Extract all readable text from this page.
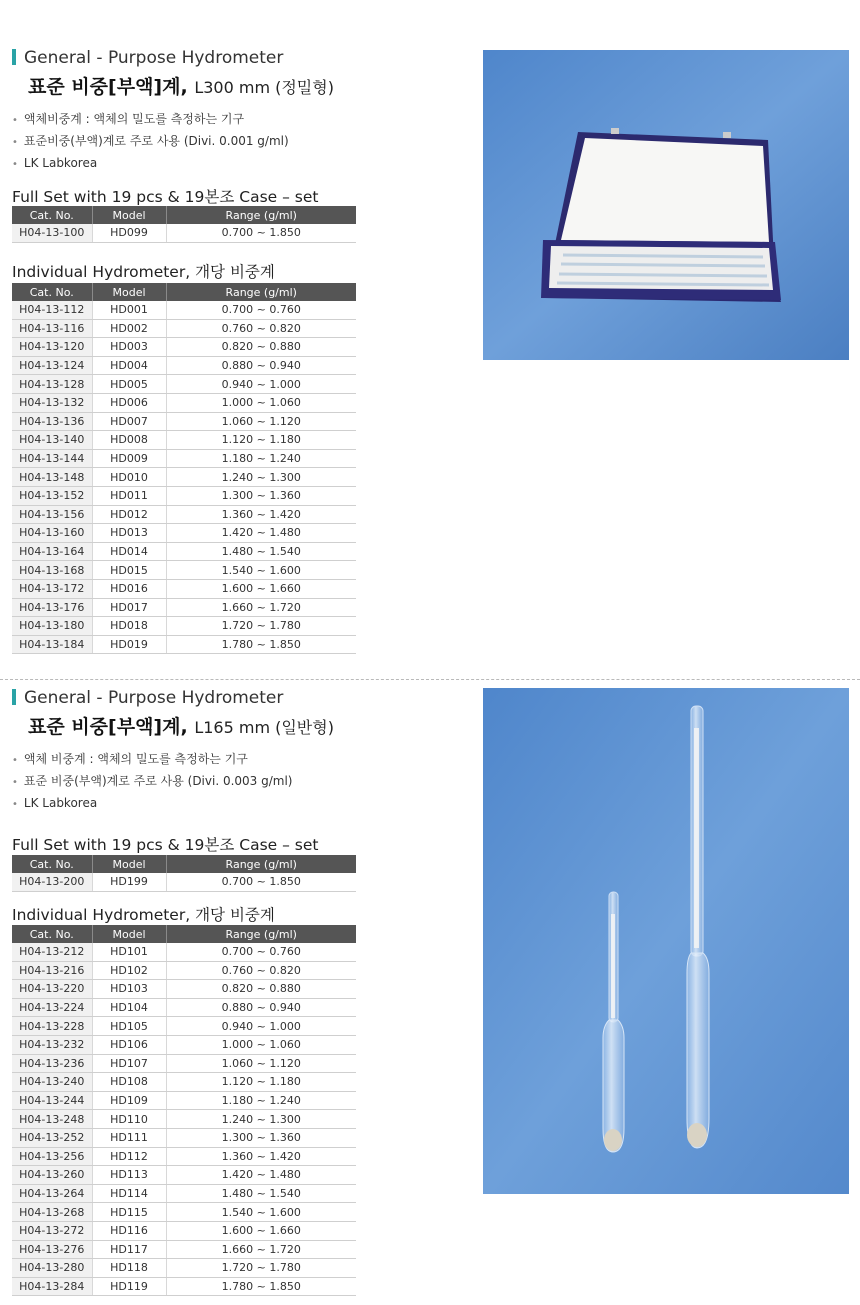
General - Purpose Hydrometer
표준 비중[부액]계, L300 mm (정밀형)
• 액체비중계 : 액체의 밀도를 측정하는 기구
• 표준비중(부액)계로 주로 사용 (Divi. 0.001 g/ml)
• LK Labkorea
Full Set with 19 pcs & 19본조 Case – set
Cat. No.	Model	Range (g/ml)
H04-13-100	HD099	0.700 ~ 1.850
Individual Hydrometer, 개당 비중계
Cat. No.	Model	Range (g/ml)
H04-13-112	HD001	0.700 ~ 0.760
H04-13-116	HD002	0.760 ~ 0.820
H04-13-120	HD003	0.820 ~ 0.880
H04-13-124	HD004	0.880 ~ 0.940
H04-13-128	HD005	0.940 ~ 1.000
H04-13-132	HD006	1.000 ~ 1.060
H04-13-136	HD007	1.060 ~ 1.120
H04-13-140	HD008	1.120 ~ 1.180
H04-13-144	HD009	1.180 ~ 1.240
H04-13-148	HD010	1.240 ~ 1.300
H04-13-152	HD011	1.300 ~ 1.360
H04-13-156	HD012	1.360 ~ 1.420
H04-13-160	HD013	1.420 ~ 1.480
H04-13-164	HD014	1.480 ~ 1.540
H04-13-168	HD015	1.540 ~ 1.600
H04-13-172	HD016	1.600 ~ 1.660
H04-13-176	HD017	1.660 ~ 1.720
H04-13-180	HD018	1.720 ~ 1.780
H04-13-184	HD019	1.780 ~ 1.850
General - Purpose Hydrometer
표준 비중[부액]계, L165 mm (일반형)
• 액체 비중계 : 액체의 밀도를 측정하는 기구
• 표준 비중(부액)계로 주로 사용 (Divi. 0.003 g/ml)
• LK Labkorea
Full Set with 19 pcs & 19본조 Case – set
Cat. No.	Model	Range (g/ml)
H04-13-200	HD199	0.700 ~ 1.850
Individual Hydrometer, 개당 비중계
Cat. No.	Model	Range (g/ml)
H04-13-212	HD101	0.700 ~ 0.760
H04-13-216	HD102	0.760 ~ 0.820
H04-13-220	HD103	0.820 ~ 0.880
H04-13-224	HD104	0.880 ~ 0.940
H04-13-228	HD105	0.940 ~ 1.000
H04-13-232	HD106	1.000 ~ 1.060
H04-13-236	HD107	1.060 ~ 1.120
H04-13-240	HD108	1.120 ~ 1.180
H04-13-244	HD109	1.180 ~ 1.240
H04-13-248	HD110	1.240 ~ 1.300
H04-13-252	HD111	1.300 ~ 1.360
H04-13-256	HD112	1.360 ~ 1.420
H04-13-260	HD113	1.420 ~ 1.480
H04-13-264	HD114	1.480 ~ 1.540
H04-13-268	HD115	1.540 ~ 1.600
H04-13-272	HD116	1.600 ~ 1.660
H04-13-276	HD117	1.660 ~ 1.720
H04-13-280	HD118	1.720 ~ 1.780
H04-13-284	HD119	1.780 ~ 1.850
